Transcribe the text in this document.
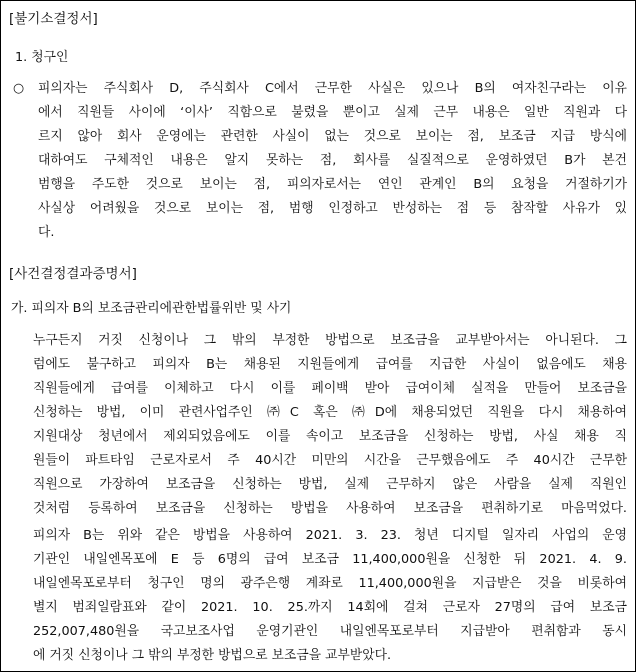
[불기소결정서]
1. 청구인
○ 피의자는 주식회사 D, 주식회사 C에서 근무한 사실은 있으나 B의 여자친구라는 이유
에서 직원들 사이에 ‘이사’ 직함으로 불렸을 뿐이고 실제 근무 내용은 일반 직원과 다
르지 않아 회사 운영에는 관련한 사실이 없는 것으로 보이는 점, 보조금 지급 방식에
대하여도 구체적인 내용은 알지 못하는 점, 회사를 실질적으로 운영하였던 B가 본건
범행을 주도한 것으로 보이는 점, 피의자로서는 연인 관계인 B의 요청을 거절하기가
사실상 어려웠을 것으로 보이는 점, 범행 인정하고 반성하는 점 등 참작할 사유가 있
다.
[사건결정결과증명서]
가. 피의자 B의 보조금관리에관한법률위반 및 사기
누구든지 거짓 신청이나 그 밖의 부정한 방법으로 보조금을 교부받아서는 아니된다. 그
럼에도 불구하고 피의자 B는 채용된 지원들에게 급여를 지급한 사실이 없음에도 채용
직원들에게 급여를 이체하고 다시 이를 페이백 받아 급여이체 실적을 만들어 보조금을
신청하는 방법, 이미 관련사업주인 ㈜C 혹은 ㈜D에 채용되었던 직원을 다시 채용하여
지원대상 청년에서 제외되었음에도 이를 속이고 보조금을 신청하는 방법, 사실 채용 직
원들이 파트타임 근로자로서 주 40시간 미만의 시간을 근무했음에도 주 40시간 근무한
직원으로 가장하여 보조금을 신청하는 방법, 실제 근무하지 않은 사람을 실제 직원인
것처럼 등록하여 보조금을 신청하는 방법을 사용하여 보조금을 편취하기로 마음먹었다.
피의자 B는 위와 같은 방법을 사용하여 2021. 3. 23. 청년 디지털 일자리 사업의 운영
기관인 내일엔목포에 E 등 6명의 급여 보조금 11,400,000원을 신청한 뒤 2021. 4. 9.
내일엔목포로부터 청구인 명의 광주은행 계좌로 11,400,000원을 지급받은 것을 비롯하여
별지 범죄일람표와 같이 2021. 10. 25.까지 14회에 걸쳐 근로자 27명의 급여 보조금
252,007,480원을 국고보조사업 운영기관인 내일엔목포로부터 지급받아 편취함과 동시
에 거짓 신청이나 그 밖의 부정한 방법으로 보조금을 교부받았다.
